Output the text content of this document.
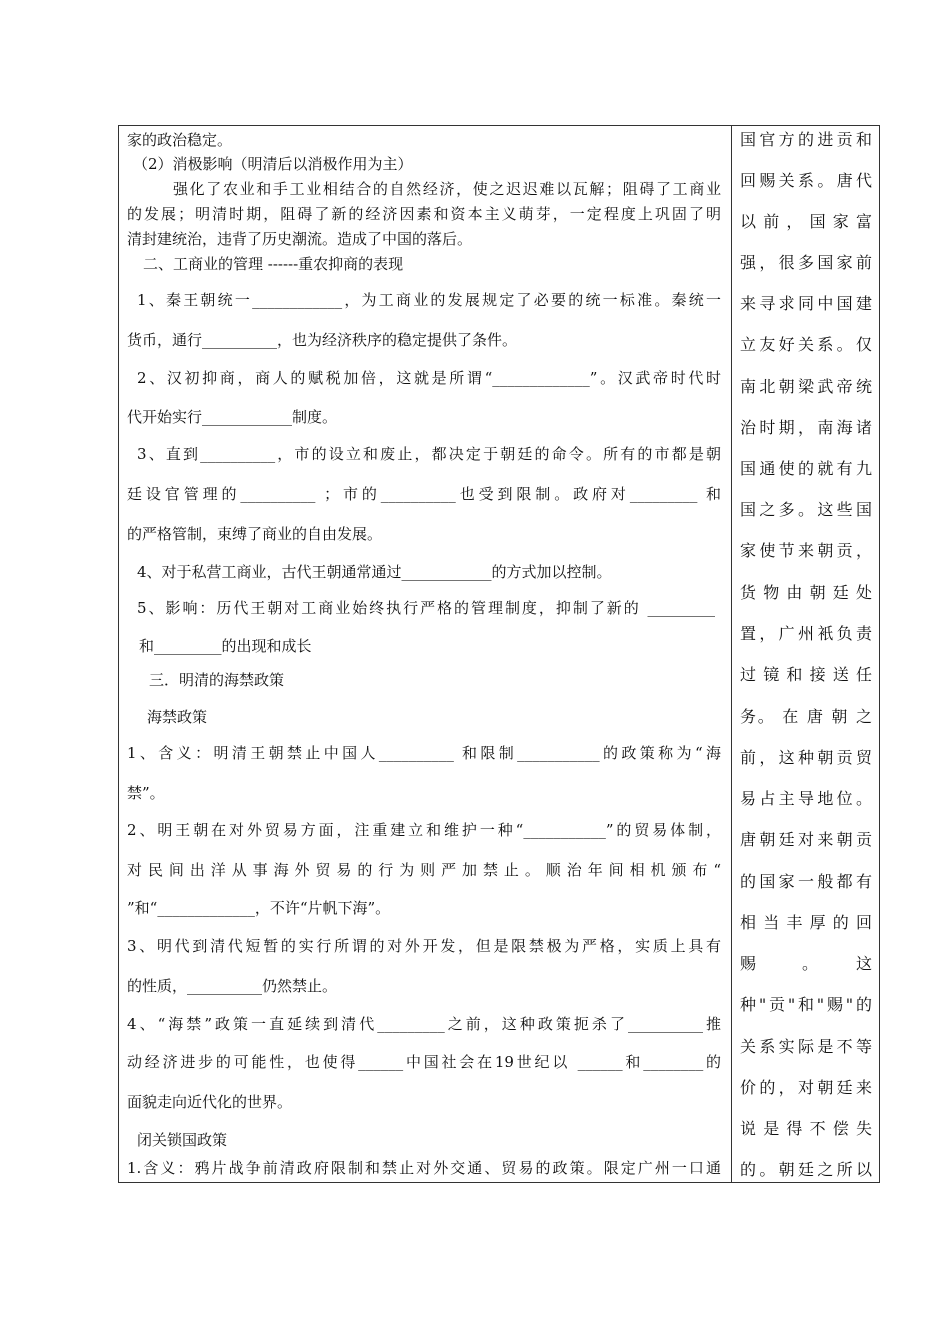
家的政治稳定。
（2）消极影响（明清后以消极作用为主）
强化了农业和手工业相结合的自然经济，使之迟迟难以瓦解；阻碍了工商业
的发展；明清时期，阻碍了新的经济因素和资本主义萌芽，一定程度上巩固了明
清封建统治，违背了历史潮流。造成了中国的落后。
二、工商业的管理 ------重农抑商的表现
1、秦王朝统一____________，为工商业的发展规定了必要的统一标准。秦统一
货币，通行__________，也为经济秩序的稳定提供了条件。
2、汉初抑商，商人的赋税加倍，这就是所谓“_____________”。汉武帝时代时
代开始实行____________制度。
3、直到__________，市的设立和废止，都决定于朝廷的命令。所有的市都是朝
廷设官管理的__________ ；市的__________也受到限制。政府对_________ 和
的严格管制，束缚了商业的自由发展。
4、对于私营工商业，古代王朝通常通过____________的方式加以控制。
5、影响：历代王朝对工商业始终执行严格的管理制度，抑制了新的 _________
和_________的出现和成长
三．明清的海禁政策
海禁政策
1、含义：明清王朝禁止中国人__________ 和限制___________的政策称为“海
禁”。
2、明王朝在对外贸易方面，注重建立和维护一种“___________”的贸易体制，
对民间出洋从事海外贸易的行为则严加禁止。顺治年间相机颁布“
”和“_____________，不许“片帆下海”。
3、明代到清代短暂的实行所谓的对外开发，但是限禁极为严格，实质上具有
的性质，__________仍然禁止。
4、“海禁”政策一直延续到清代_________之前，这种政策扼杀了__________推
动经济进步的可能性，也使得______中国社会在19世纪以 ______和________的
面貌走向近代化的世界。
闭关锁国政策
1.含义：鸦片战争前清政府限制和禁止对外交通、贸易的政策。限定广州一口通
国官方的进贡和
回赐关系。唐代
以 前 ， 国 家 富
强，很多国家前
来寻求同中国建
立友好关系。仅
南北朝梁武帝统
治时期，南海诸
国通使的就有九
国之多。这些国
家使节来朝贡，
货 物 由 朝 廷 处
置，广州衹负责
过 镜 和 接 送 任
务。 在 唐 朝 之
前，这种朝贡贸
易占主导地位。
唐朝廷对来朝贡
的国家一般都有
相 当 丰 厚 的 回
赐　　。　　这
种"贡"和"赐"的
关系实际是不等
价的，对朝廷来
说 是 得 不 偿 失
的。朝廷之所以
